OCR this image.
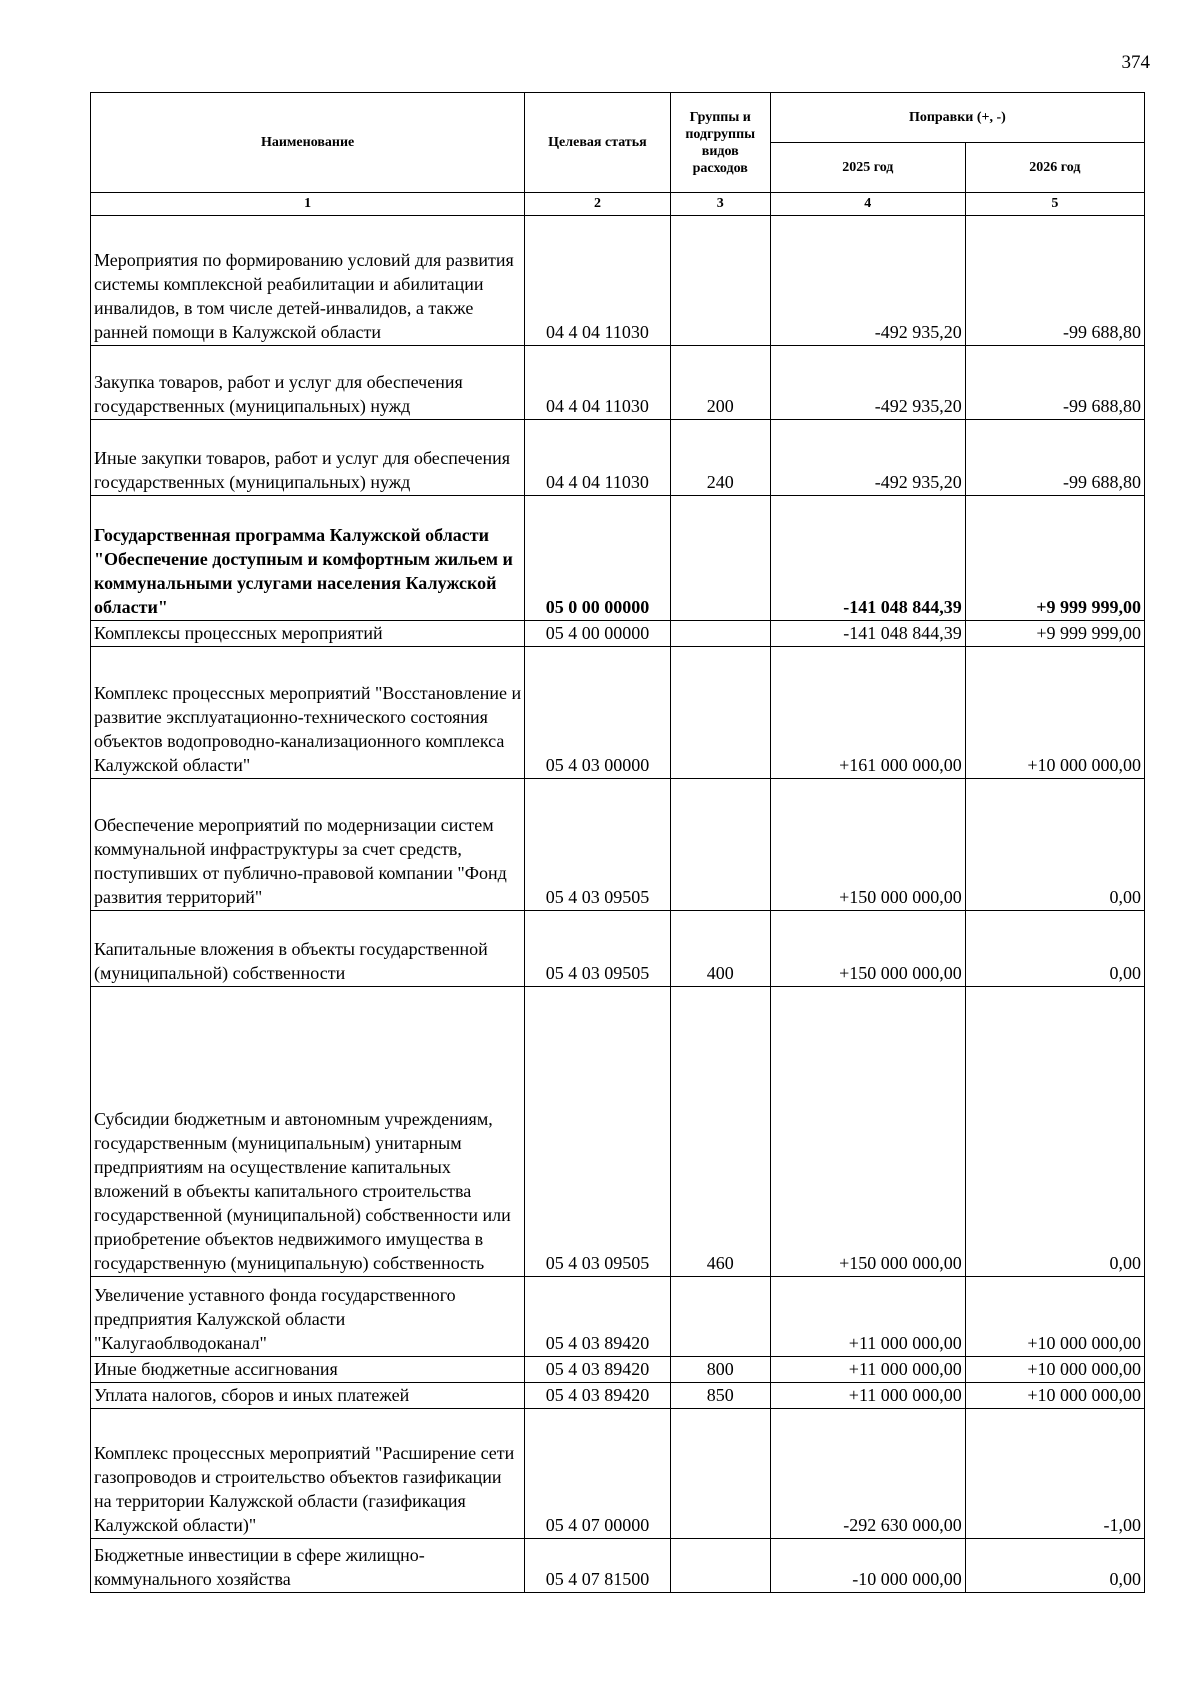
374
Наименование	Целевая статья	Группы и подгруппы видов расходов	Поправки (+, -)	
			2025 год	2026 год
1	2	3	4	5
Мероприятия по формированию условий для развития системы комплексной реабилитации и абилитации инвалидов, в том числе детей-инвалидов, а также ранней помощи в Калужской области	04 4 04 11030		-492 935,20	-99 688,80
Закупка товаров, работ и услуг для обеспечения государственных (муниципальных) нужд	04 4 04 11030	200	-492 935,20	-99 688,80
Иные закупки товаров, работ и услуг для обеспечения государственных (муниципальных) нужд	04 4 04 11030	240	-492 935,20	-99 688,80
Государственная программа Калужской области "Обеспечение доступным и комфортным жильем и коммунальными услугами населения Калужской области"	05 0 00 00000		-141 048 844,39	+9 999 999,00
Комплексы процессных мероприятий	05 4 00 00000		-141 048 844,39	+9 999 999,00
Комплекс процессных мероприятий "Восстановление и развитие эксплуатационно-технического состояния объектов водопроводно-канализационного комплекса Калужской области"	05 4 03 00000		+161 000 000,00	+10 000 000,00
Обеспечение мероприятий по модернизации систем коммунальной инфраструктуры за счет средств, поступивших от публично-правовой компании "Фонд развития территорий"	05 4 03 09505		+150 000 000,00	0,00
Капитальные вложения в объекты государственной (муниципальной) собственности	05 4 03 09505	400	+150 000 000,00	0,00
Субсидии бюджетным и автономным учреждениям, государственным (муниципальным) унитарным предприятиям на осуществление капитальных вложений в объекты капитального строительства государственной (муниципальной) собственности или приобретение объектов недвижимого имущества в государственную (муниципальную) собственность	05 4 03 09505	460	+150 000 000,00	0,00
Увеличение уставного фонда государственного предприятия Калужской области "Калугаоблводоканал"	05 4 03 89420		+11 000 000,00	+10 000 000,00
Иные бюджетные ассигнования	05 4 03 89420	800	+11 000 000,00	+10 000 000,00
Уплата налогов, сборов и иных платежей	05 4 03 89420	850	+11 000 000,00	+10 000 000,00
Комплекс процессных мероприятий "Расширение сети газопроводов и строительство объектов газификации на территории Калужской области (газификация Калужской области)"	05 4 07 00000		-292 630 000,00	-1,00
Бюджетные инвестиции в сфере жилищно-коммунального хозяйства	05 4 07 81500		-10 000 000,00	0,00
